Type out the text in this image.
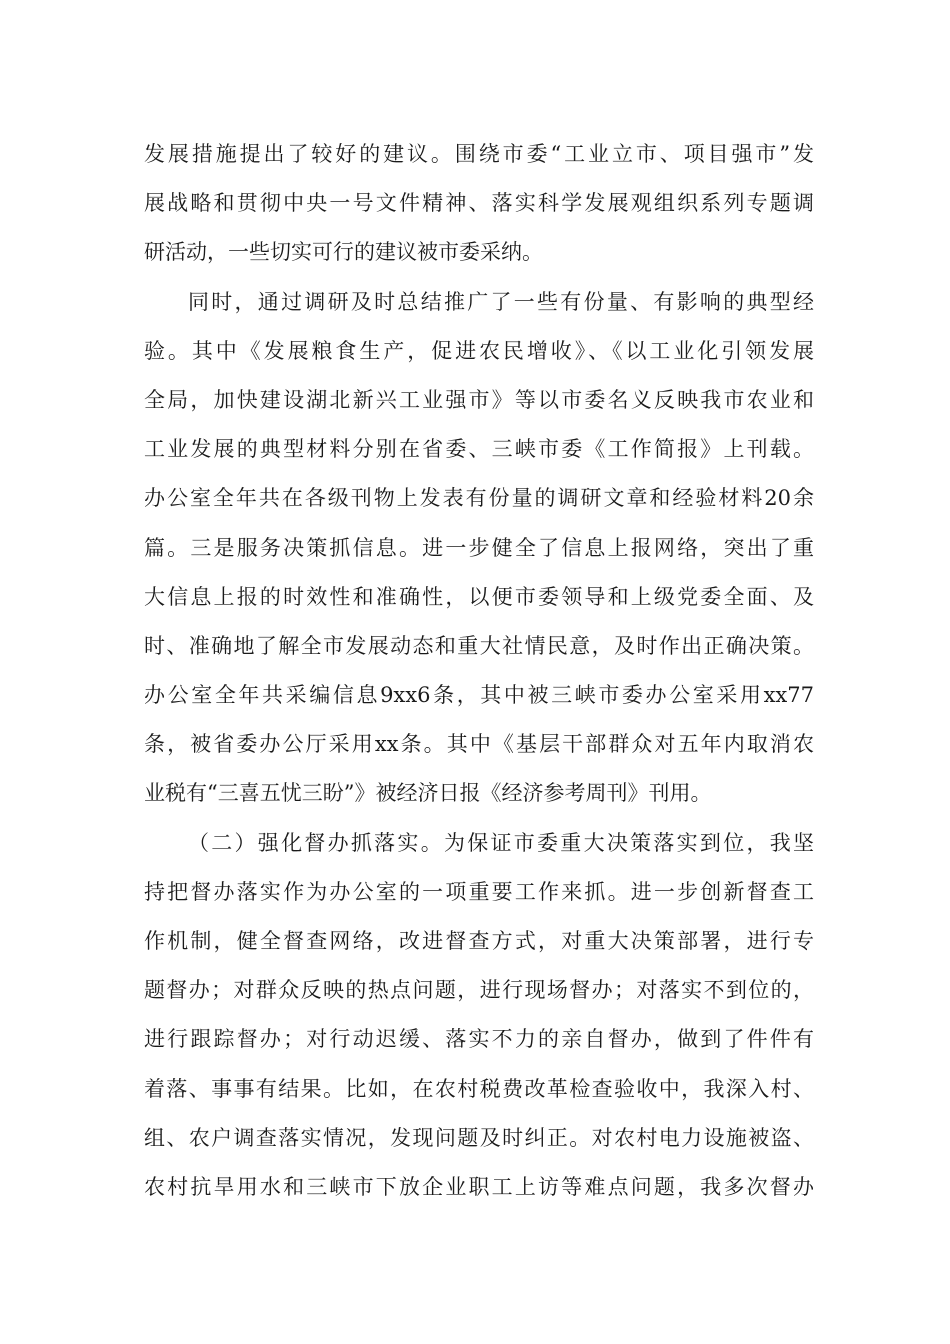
发展措施提出了较好的建议。围绕市委“工业立市、项目强市”发
展战略和贯彻中央一号文件精神、落实科学发展观组织系列专题调
研活动，一些切实可行的建议被市委采纳。
同时，通过调研及时总结推广了一些有份量、有影响的典型经
验。其中《发展粮食生产，促进农民增收》、《以工业化引领发展
全局，加快建设湖北新兴工业强市》等以市委名义反映我市农业和
工业发展的典型材料分别在省委、三峡市委《工作简报》上刊载。
办公室全年共在各级刊物上发表有份量的调研文章和经验材料20余
篇。三是服务决策抓信息。进一步健全了信息上报网络，突出了重
大信息上报的时效性和准确性，以便市委领导和上级党委全面、及
时、准确地了解全市发展动态和重大社情民意，及时作出正确决策。
办公室全年共采编信息9xx6条，其中被三峡市委办公室采用xx77
条，被省委办公厅采用xx条。其中《基层干部群众对五年内取消农
业税有“三喜五忧三盼”》被经济日报《经济参考周刊》刊用。
（二）强化督办抓落实。为保证市委重大决策落实到位，我坚
持把督办落实作为办公室的一项重要工作来抓。进一步创新督查工
作机制，健全督查网络，改进督查方式，对重大决策部署，进行专
题督办；对群众反映的热点问题，进行现场督办；对落实不到位的，
进行跟踪督办；对行动迟缓、落实不力的亲自督办，做到了件件有
着落、事事有结果。比如，在农村税费改革检查验收中，我深入村、
组、农户调查落实情况，发现问题及时纠正。对农村电力设施被盗、
农村抗旱用水和三峡市下放企业职工上访等难点问题，我多次督办
